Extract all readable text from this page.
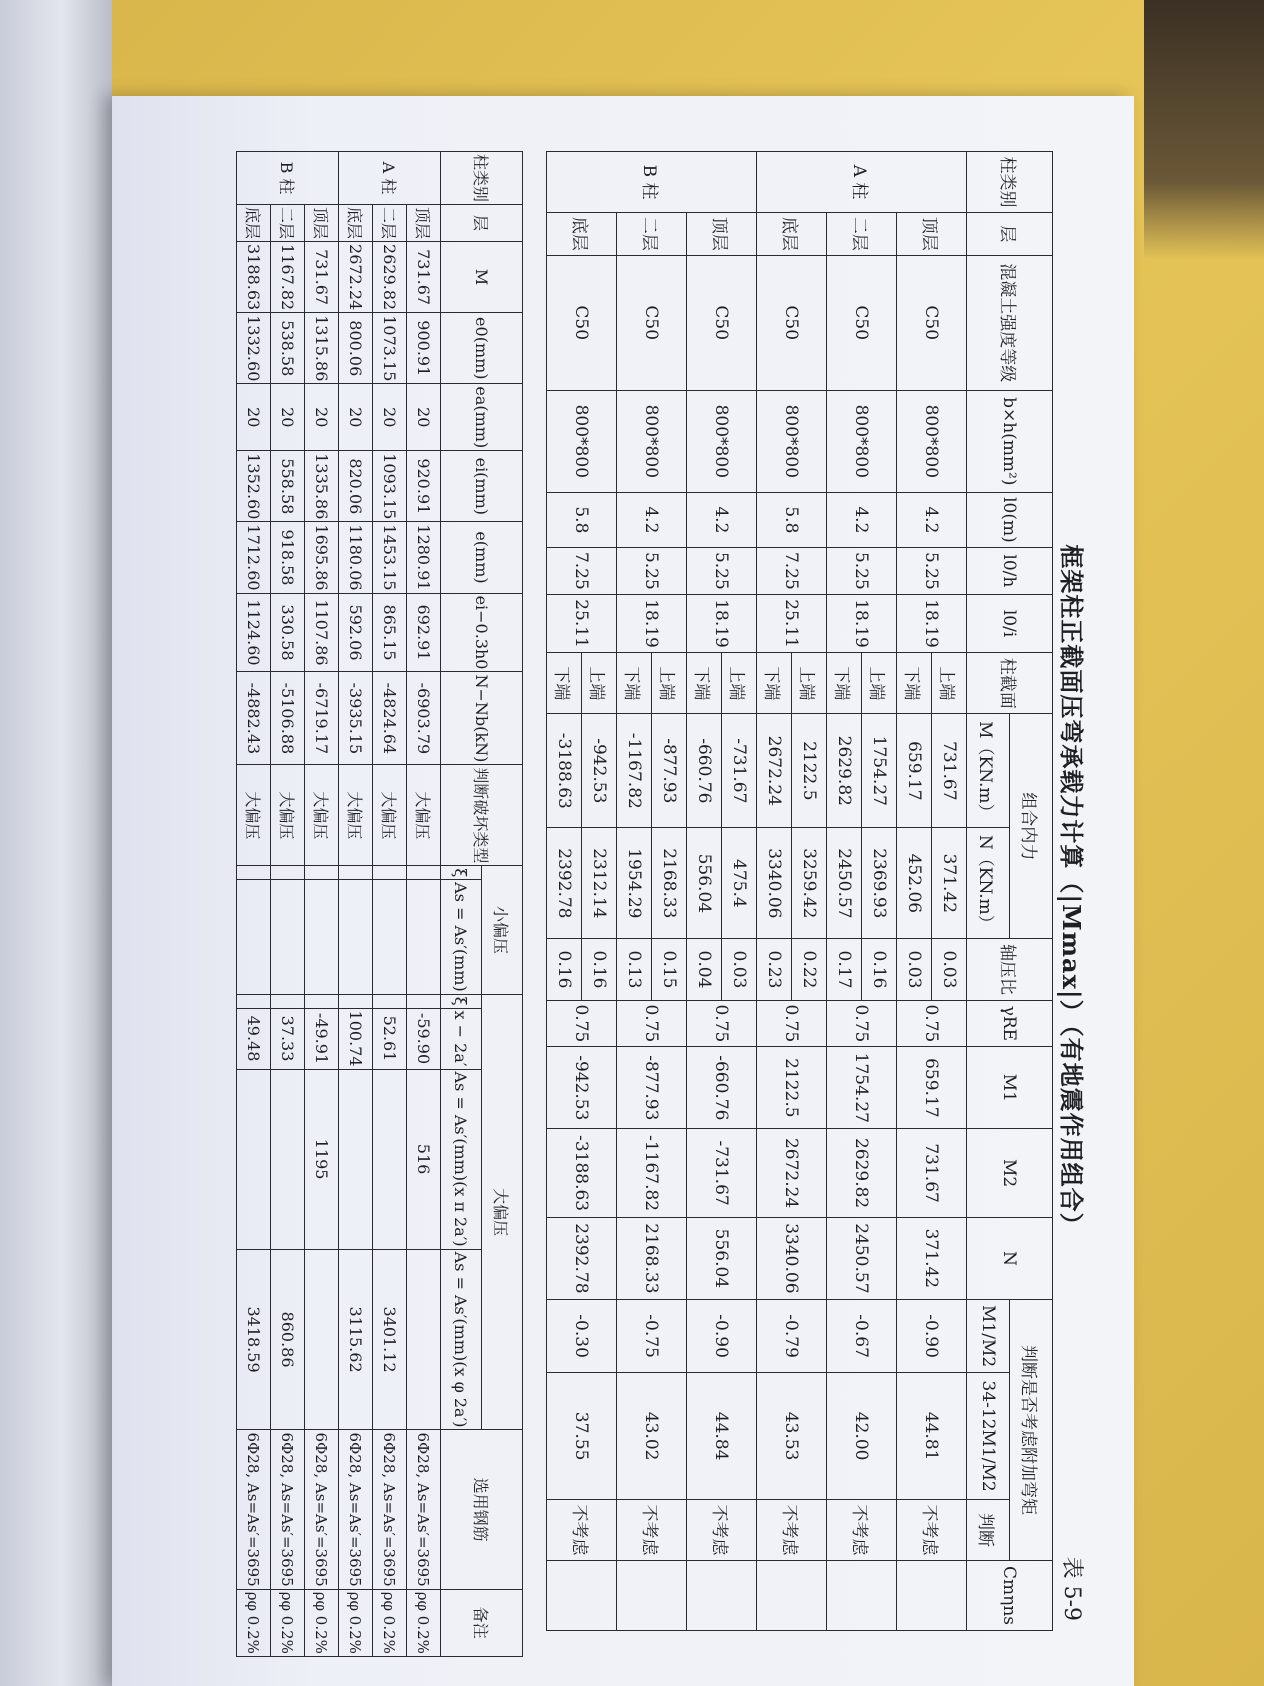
框架柱正截面压弯承载力计算（|Mmax|）（有地震作用组合）
表 5-9
柱类别	层	混凝土强度等级	b×h(mm²)	l0(m)	l0/h	l0/i	柱截面	组合内力		轴压比	γRE	M1	M2	N	判断是否考虑附加弯矩			Cmηns
								M（KN.m）	N（KN.m）						M1/M2	34-12M1/M2	判断	
A 柱	顶层	C50	800*800	4.2	5.25	18.19	上端	731.67	371.42	0.03	0.75	659.17	731.67	371.42	-0.90	44.81	不考虑	
							下端	659.17	452.06	0.03								
	二层	C50	800*800	4.2	5.25	18.19	上端	1754.27	2369.93	0.16	0.75	1754.27	2629.82	2450.57	-0.67	42.00	不考虑	
							下端	2629.82	2450.57	0.17								
	底层	C50	800*800	5.8	7.25	25.11	上端	2122.5	3259.42	0.22	0.75	2122.5	2672.24	3340.06	-0.79	43.53	不考虑	
							下端	2672.24	3340.06	0.23								
B 柱	顶层	C50	800*800	4.2	5.25	18.19	上端	-731.67	475.4	0.03	0.75	-660.76	-731.67	556.04	-0.90	44.84	不考虑	
							下端	-660.76	556.04	0.04								
	二层	C50	800*800	4.2	5.25	18.19	上端	-877.93	2168.33	0.15	0.75	-877.93	-1167.82	2168.33	-0.75	43.02	不考虑	
							下端	-1167.82	1954.29	0.13								
	底层	C50	800*800	5.8	7.25	25.11	上端	-942.53	2312.14	0.16	0.75	-942.53	-3188.63	2392.78	-0.30	37.55	不考虑	
							下端	-3188.63	2392.78	0.16								
柱类别	层	M	e0(mm)	ea(mm)	ei(mm)	e(mm)	ei−0.3h0	N−Nb(kN)	判断破坏类型	小偏压		大偏压				选用钢筋	备注
										ξ	As = As′(mm)	ξ	x − 2a′	As = As′(mm)(x π 2a′)	As = As′(mm)(x φ 2a′)		
A 柱	顶层	731.67	900.91	20	920.91	1280.91	692.91	-6903.79	大偏压				-59.90	516		6Φ28, As=As′=3695	ρφ 0.2%
	二层	2629.82	1073.15	20	1093.15	1453.15	865.15	-4824.64	大偏压				52.61		3401.12	6Φ28, As=As′=3695	ρφ 0.2%
	底层	2672.24	800.06	20	820.06	1180.06	592.06	-3935.15	大偏压				100.74		3115.62	6Φ28, As=As′=3695	ρφ 0.2%
B 柱	顶层	731.67	1315.86	20	1335.86	1695.86	1107.86	-6719.17	大偏压				-49.91	1195		6Φ28, As=As′=3695	ρφ 0.2%
	二层	1167.82	538.58	20	558.58	918.58	330.58	-5106.88	大偏压				37.33		860.86	6Φ28, As=As′=3695	ρφ 0.2%
	底层	3188.63	1332.60	20	1352.60	1712.60	1124.60	-4882.43	大偏压				49.48		3418.59	6Φ28, As=As′=3695	ρφ 0.2%
